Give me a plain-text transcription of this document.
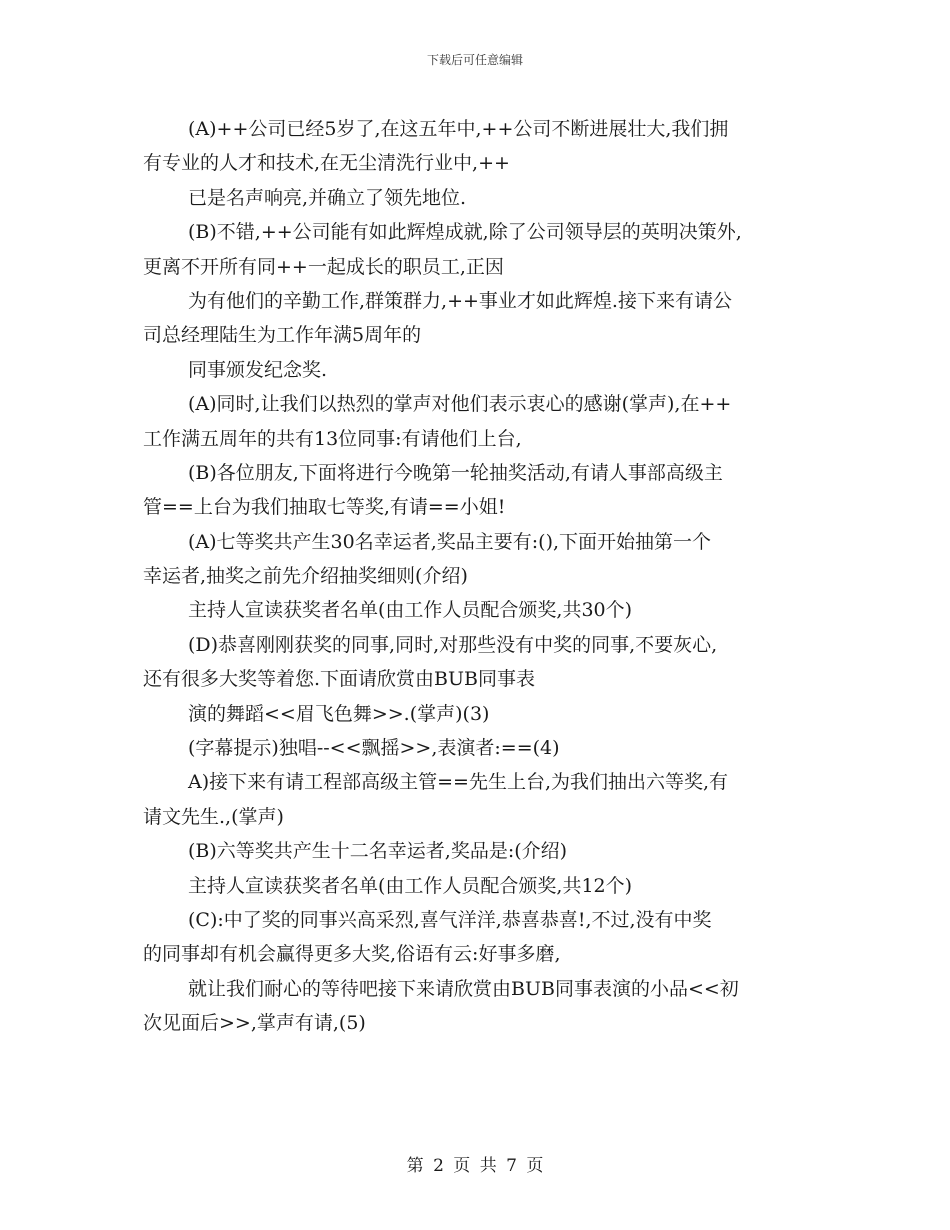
下载后可任意编辑
(A)++公司已经5岁了,在这五年中,++公司不断进展壮大,我们拥
有专业的人才和技术,在无尘清洗行业中,++
已是名声响亮,并确立了领先地位.
(B)不错,++公司能有如此辉煌成就,除了公司领导层的英明决策外,
更离不开所有同++一起成长的职员工,正因
为有他们的辛勤工作,群策群力,++事业才如此辉煌.接下来有请公
司总经理陆生为工作年满5周年的
同事颁发纪念奖.
(A)同时,让我们以热烈的掌声对他们表示衷心的感谢(掌声),在++
工作满五周年的共有13位同事:有请他们上台,
(B)各位朋友,下面将进行今晚第一轮抽奖活动,有请人事部高级主
管==上台为我们抽取七等奖,有请==小姐!
(A)七等奖共产生30名幸运者,奖品主要有:(),下面开始抽第一个
幸运者,抽奖之前先介绍抽奖细则(介绍)
主持人宣读获奖者名单(由工作人员配合颁奖,共30个)
(D)恭喜刚刚获奖的同事,同时,对那些没有中奖的同事,不要灰心,
还有很多大奖等着您.下面请欣赏由BUB同事表
演的舞蹈<<眉飞色舞>>.(掌声)(3)
(字幕提示)独唱--<<飘摇>>,表演者:==(4)
A)接下来有请工程部高级主管==先生上台,为我们抽出六等奖,有
请文先生.,(掌声)
(B)六等奖共产生十二名幸运者,奖品是:(介绍)
主持人宣读获奖者名单(由工作人员配合颁奖,共12个)
(C):中了奖的同事兴高采烈,喜气洋洋,恭喜恭喜!,不过,没有中奖
的同事却有机会赢得更多大奖,俗语有云:好事多磨,
就让我们耐心的等待吧接下来请欣赏由BUB同事表演的小品<<初
次见面后>>,掌声有请,(5)
第 2 页 共 7 页
